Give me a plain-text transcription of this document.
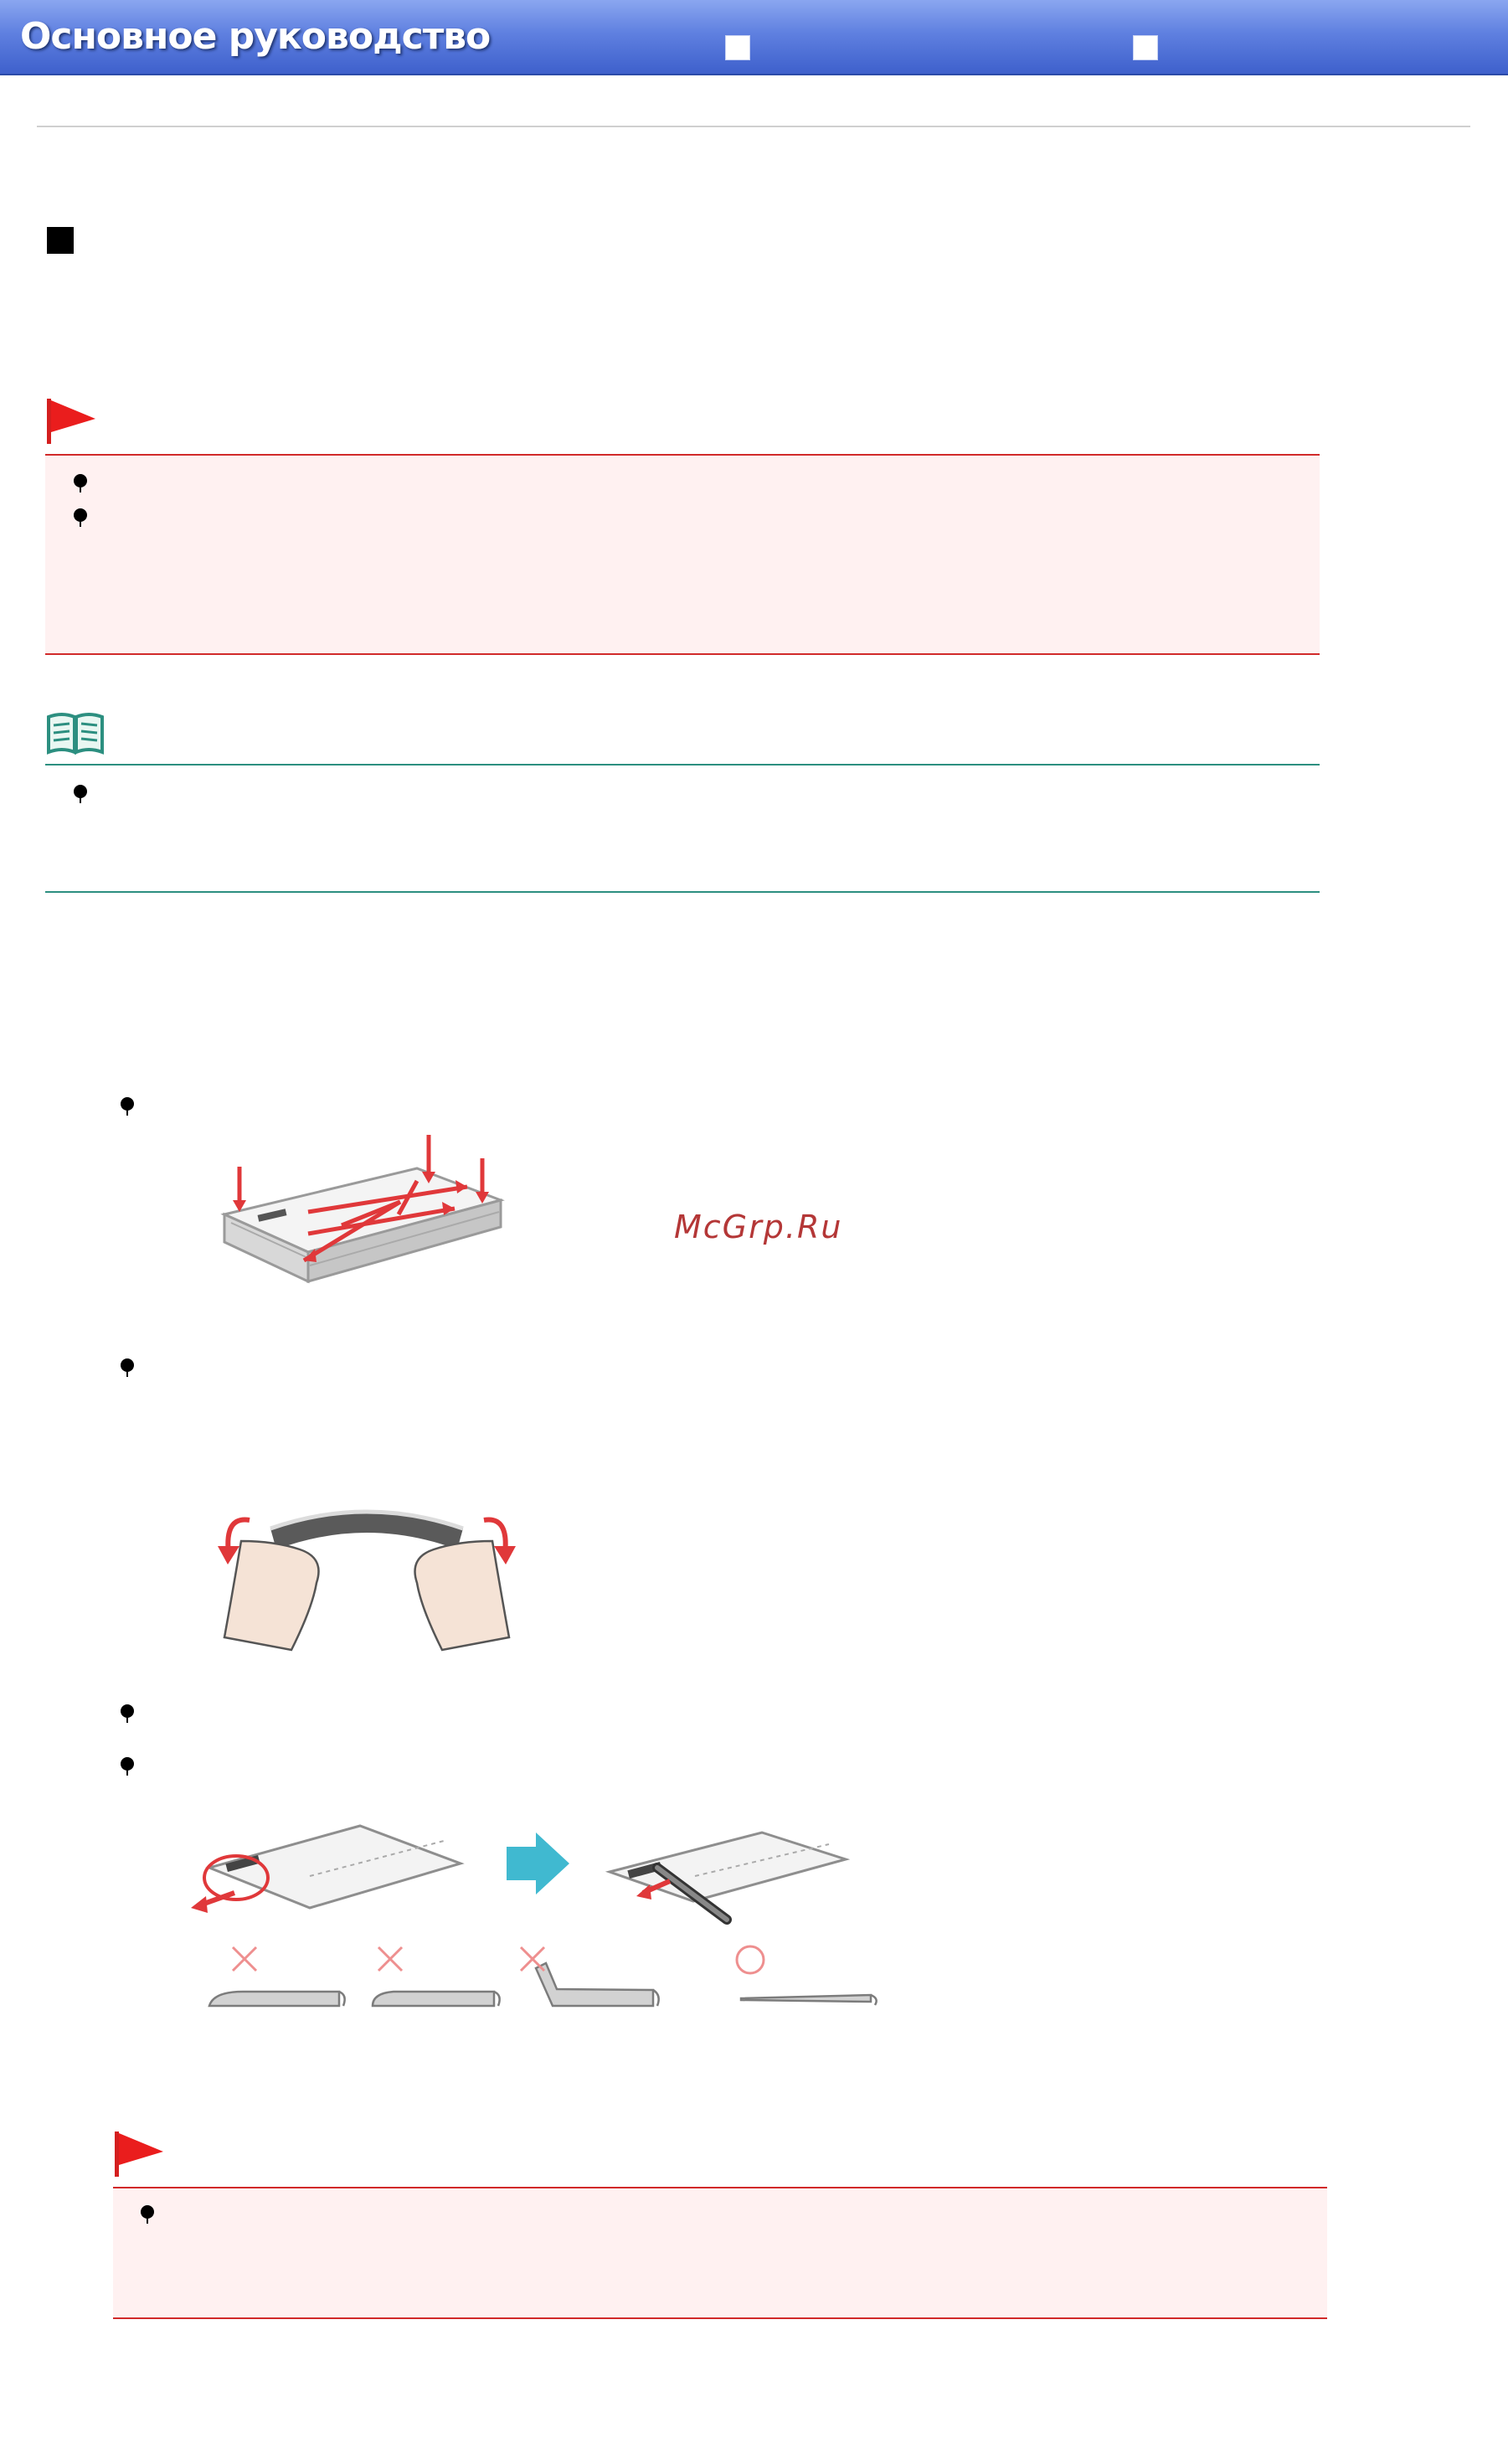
Основное руководство
McGrp.Ru
